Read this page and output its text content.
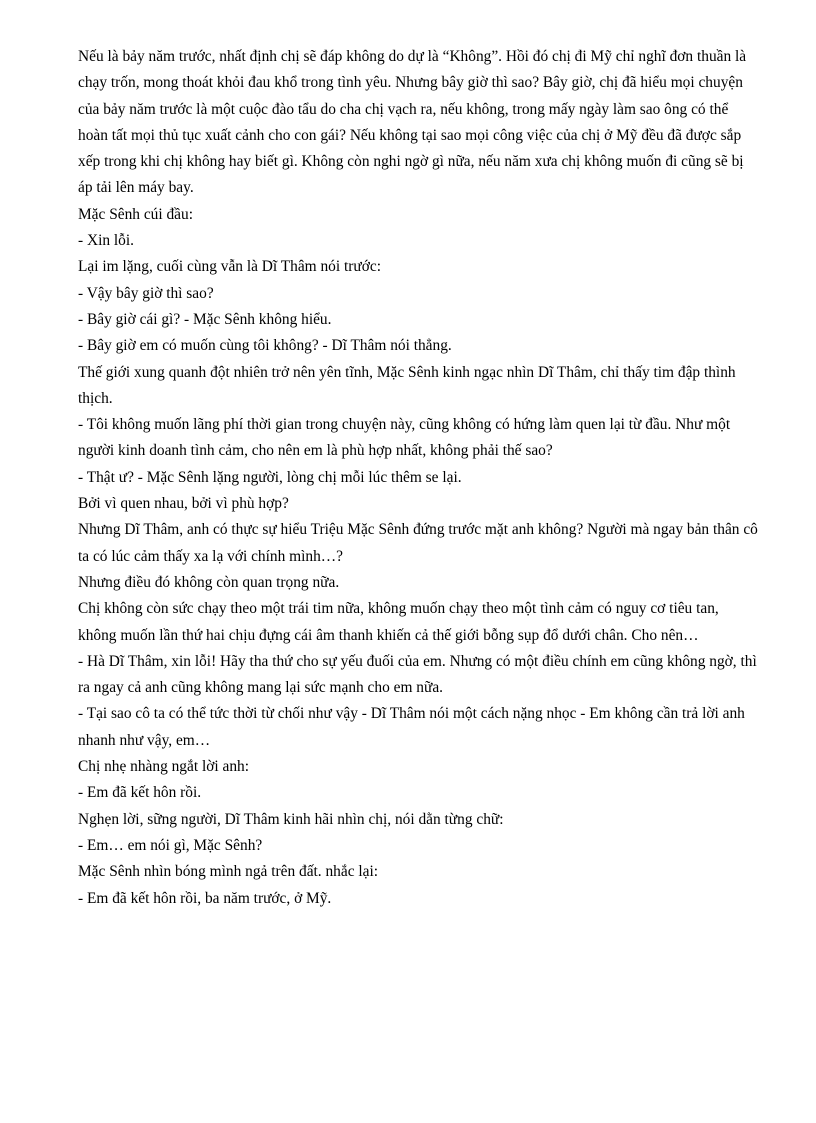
Nếu là bảy năm trước, nhất định chị sẽ đáp không do dự là “Không”. Hồi đó chị đi Mỹ chỉ nghĩ đơn thuần là chạy trốn, mong thoát khỏi đau khổ trong tình yêu. Nhưng bây giờ thì sao? Bây giờ, chị đã hiểu mọi chuyện của bảy năm trước là một cuộc đào tẩu do cha chị vạch ra, nếu không, trong mấy ngày làm sao ông có thể hoàn tất mọi thủ tục xuất cảnh cho con gái? Nếu không tại sao mọi công việc của chị ở Mỹ đều đã được sắp xếp trong khi chị không hay biết gì. Không còn nghi ngờ gì nữa, nếu năm xưa chị không muốn đi cũng sẽ bị áp tải lên máy bay.

Mặc Sênh cúi đầu:

- Xin lỗi.

Lại im lặng, cuối cùng vẫn là Dĩ Thâm nói trước:

- Vậy bây giờ thì sao?

- Bây giờ cái gì? - Mặc Sênh không hiểu.

- Bây giờ em có muốn cùng tôi không? - Dĩ Thâm nói thẳng.

Thế giới xung quanh đột nhiên trở nên yên tĩnh, Mặc Sênh kinh ngạc nhìn Dĩ Thâm, chỉ thấy tim đập thình thịch.

- Tôi không muốn lãng phí thời gian trong chuyện này, cũng không có hứng làm quen lại từ đầu. Như một người kinh doanh tình cảm, cho nên em là phù hợp nhất, không phải thế sao?

- Thật ư? - Mặc Sênh lặng người, lòng chị mỗi lúc thêm se lại.

Bởi vì quen nhau, bởi vì phù hợp?

Nhưng Dĩ Thâm, anh có thực sự hiểu Triệu Mặc Sênh đứng trước mặt anh không? Người mà ngay bản thân cô ta có lúc cảm thấy xa lạ với chính mình…?

Nhưng điều đó không còn quan trọng nữa.

Chị không còn sức chạy theo một trái tim nữa, không muốn chạy theo một tình cảm có nguy cơ tiêu tan, không muốn lần thứ hai chịu đựng cái âm thanh khiến cả thế giới bỗng sụp đổ dưới chân. Cho nên…

- Hà Dĩ Thâm, xin lỗi! Hãy tha thứ cho sự yếu đuối của em. Nhưng có một điều chính em cũng không ngờ, thì ra ngay cả anh cũng không mang lại sức mạnh cho em nữa.

- Tại sao cô ta có thể tức thời từ chối như vậy - Dĩ Thâm nói một cách nặng nhọc - Em không cần trả lời anh nhanh như vậy, em…

Chị nhẹ nhàng ngắt lời anh:

- Em đã kết hôn rồi.

Nghẹn lời, sững người, Dĩ Thâm kinh hãi nhìn chị, nói dằn từng chữ:

- Em… em nói gì, Mặc Sênh?

Mặc Sênh nhìn bóng mình ngả trên đất. nhắc lại:

- Em đã kết hôn rồi, ba năm trước, ở Mỹ.
